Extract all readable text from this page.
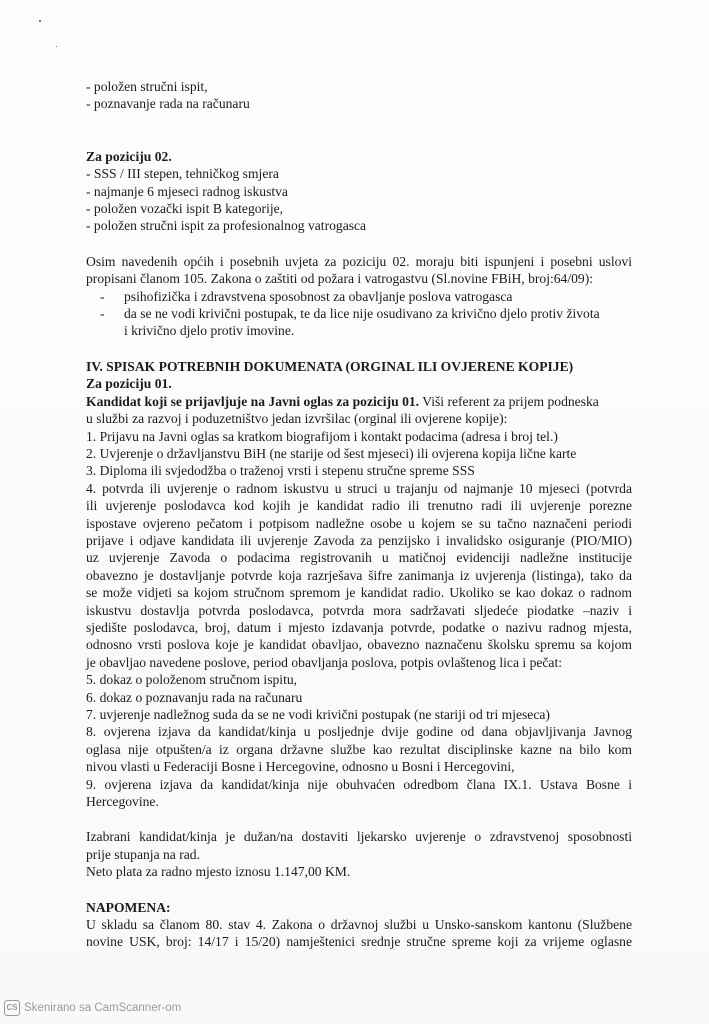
- položen stručni ispit,
- poznavanje rada na računaru
Za poziciju 02.
- SSS / III stepen, tehničkog smjera
- najmanje 6 mjeseci radnog iskustva
- položen vozački ispit B kategorije,
- položen stručni ispit za profesionalnog vatrogasca
Osim navedenih općih i posebnih uvjeta za poziciju 02. moraju biti ispunjeni i posebni uslovi
propisani članom 105. Zakona o zaštiti od požara i vatrogastvu (Sl.novine FBiH, broj:64/09):
-	psihofizička i zdravstvena sposobnost za obavljanje poslova vatrogasca
-	da se ne vodi krivični postupak, te da lice nije osudivano za krivično djelo protiv života
i krivično djelo protiv imovine.
IV. SPISAK POTREBNIH DOKUMENATA (ORGINAL ILI OVJERENE KOPIJE)
Za poziciju 01.
Kandidat koji se prijavljuje na Javni oglas za poziciju 01. Viši referent za prijem podneska
u službi za razvoj i poduzetništvo jedan izvršilac (orginal ili ovjerene kopije):
1. Prijavu na Javni oglas sa kratkom biografijom i kontakt podacima (adresa i broj tel.)
2. Uvjerenje o državljanstvu BiH (ne starije od šest mjeseci) ili ovjerena kopija lične karte
3. Diploma ili svjedodžba o traženoj vrsti i stepenu stručne spreme SSS
4. potvrda ili uvjerenje o radnom iskustvu u struci u trajanju od najmanje 10 mjeseci (potvrda
ili uvjerenje poslodavca kod kojih je kandidat radio ili trenutno radi ili uvjerenje porezne
ispostave ovjereno pečatom i potpisom nadležne osobe u kojem se su tačno naznačeni periodi
prijave i odjave kandidata ili uvjerenje Zavoda za penzijsko i invalidsko osiguranje (PIO/MIO)
uz uvjerenje Zavoda o podacima registrovanih u matičnoj evidenciji nadležne institucije
obavezno je dostavljanje potvrde koja razrješava šifre zanimanja iz uvjerenja (listinga), tako da
se može vidjeti sa kojom stručnom spremom je kandidat radio. Ukoliko se kao dokaz o radnom
iskustvu dostavlja potvrda poslodavca, potvrda mora sadržavati sljedeće piodatke –naziv i
sjedište poslodavca, broj, datum i mjesto izdavanja potvrde, podatke o nazivu radnog mjesta,
odnosno vrsti poslova koje je kandidat obavljao, obavezno naznačenu školsku spremu sa kojom
je obavljao navedene poslove, period obavljanja poslova, potpis ovlaštenog lica i pečat:
5. dokaz o položenom stručnom ispitu,
6. dokaz o poznavanju rada na računaru
7. uvjerenje nadležnog suda da se ne vodi krivični postupak (ne stariji od tri mjeseca)
8. ovjerena izjava da kandidat/kinja u posljednje dvije godine od dana objavljivanja Javnog
oglasa nije otpušten/a iz organa državne službe kao rezultat disciplinske kazne na bilo kom
nivou vlasti u Federaciji Bosne i Hercegovine, odnosno u Bosni i Hercegovini,
9. ovjerena izjava da kandidat/kinja nije obuhvaćen odredbom člana IX.1. Ustava Bosne i
Hercegovine.
Izabrani kandidat/kinja je dužan/na dostaviti ljekarsko uvjerenje o zdravstvenoj sposobnosti
prije stupanja na rad.
Neto plata za radno mjesto iznosu 1.147,00 KM.
NAPOMENA:
U skladu sa članom 80. stav 4. Zakona o državnoj službi u Unsko-sanskom kantonu (Službene
novine USK, broj: 14/17 i 15/20) namještenici srednje stručne spreme koji za vrijeme oglasne
CS Skenirano sa CamScanner-om
